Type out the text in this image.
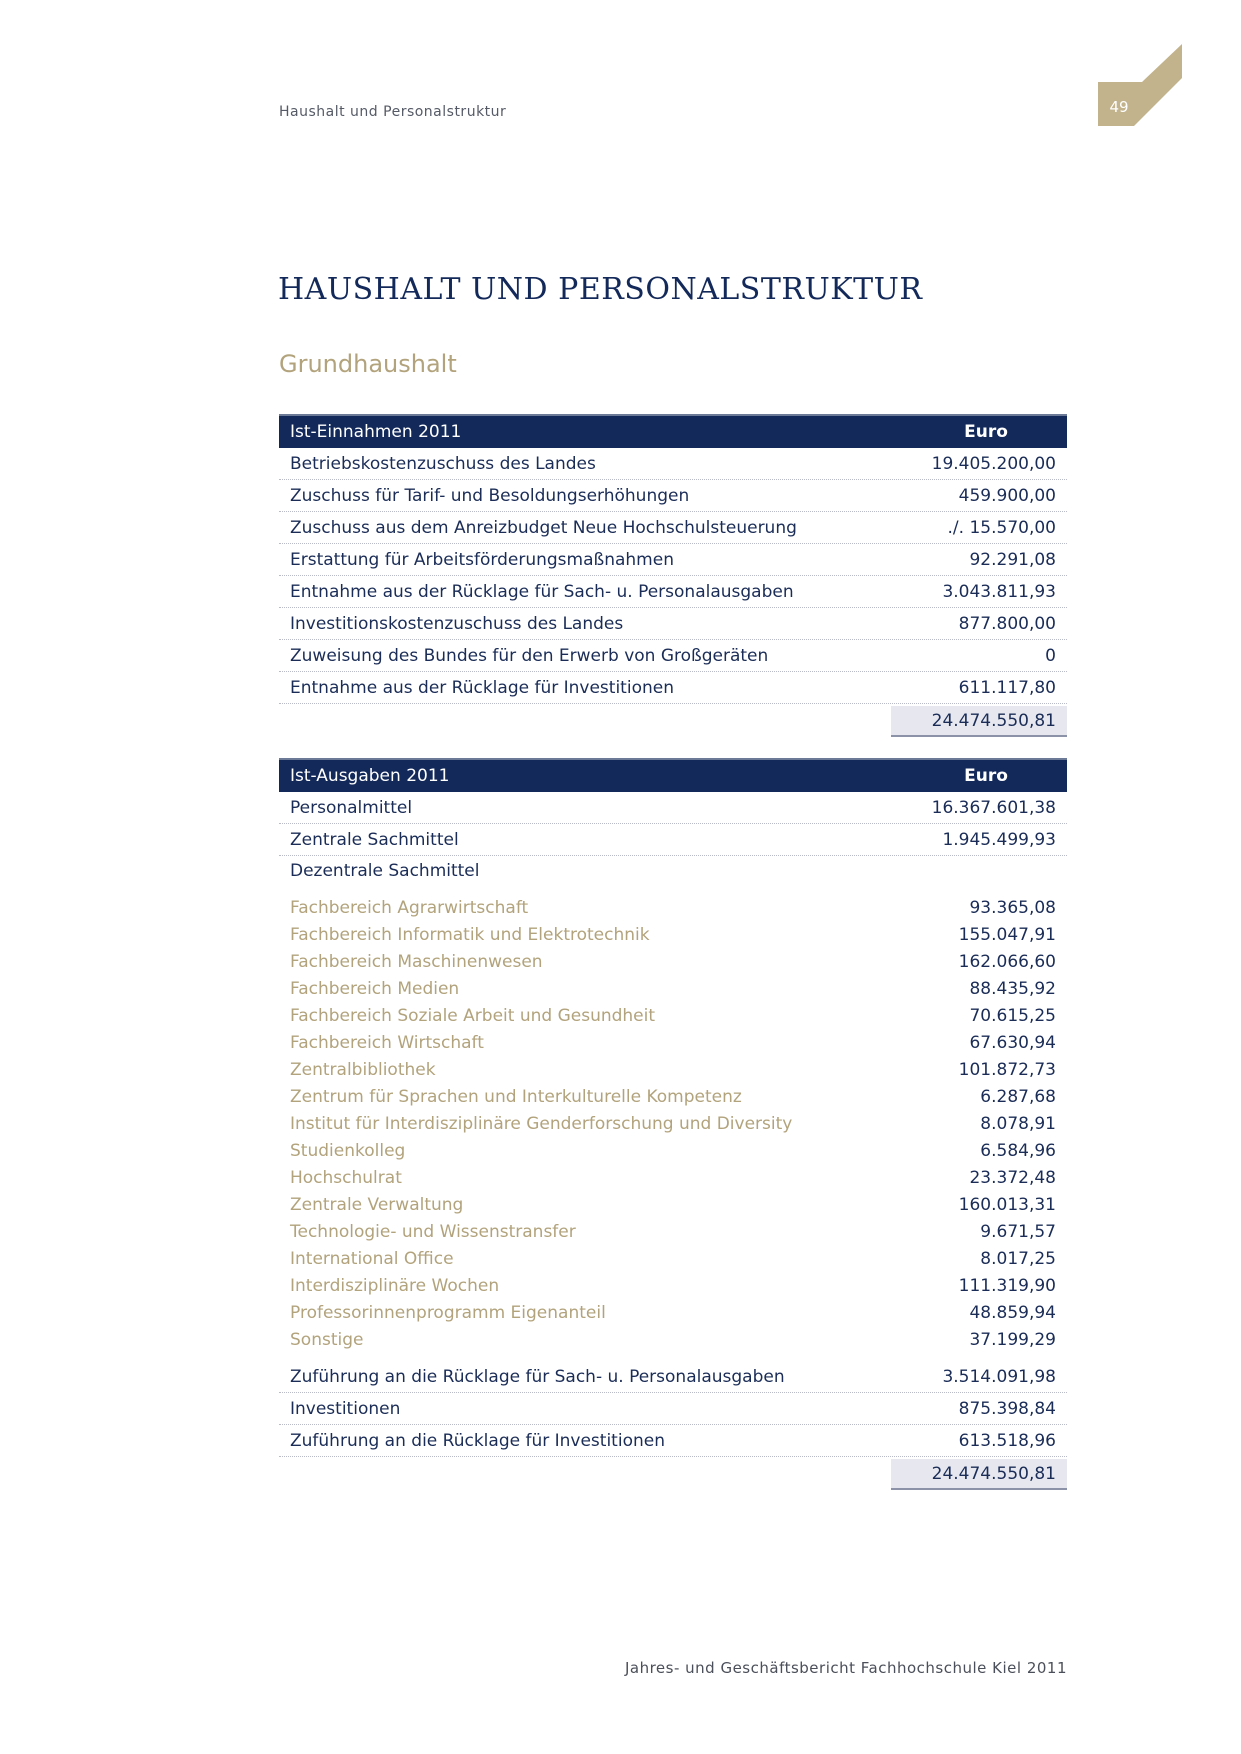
Haushalt und Personalstruktur	49
HAUSHALT UND PERSONALSTRUKTUR
Grundhaushalt
Ist-Einnahmen 2011	Euro
Betriebskostenzuschuss des Landes	19.405.200,00
Zuschuss für Tarif- und Besoldungserhöhungen	459.900,00
Zuschuss aus dem Anreizbudget Neue Hochschulsteuerung	./. 15.570,00
Erstattung für Arbeitsförderungsmaßnahmen	92.291,08
Entnahme aus der Rücklage für Sach- u. Personalausgaben	3.043.811,93
Investitionskostenzuschuss des Landes	877.800,00
Zuweisung des Bundes für den Erwerb von Großgeräten	0
Entnahme aus der Rücklage für Investitionen	611.117,80
24.474.550,81
Ist-Ausgaben 2011	Euro
Personalmittel	16.367.601,38
Zentrale Sachmittel	1.945.499,93
Dezentrale Sachmittel
Fachbereich Agrarwirtschaft	93.365,08
Fachbereich Informatik und Elektrotechnik	155.047,91
Fachbereich Maschinenwesen	162.066,60
Fachbereich Medien	88.435,92
Fachbereich Soziale Arbeit und Gesundheit	70.615,25
Fachbereich Wirtschaft	67.630,94
Zentralbibliothek	101.872,73
Zentrum für Sprachen und Interkulturelle Kompetenz	6.287,68
Institut für Interdisziplinäre Genderforschung und Diversity	8.078,91
Studienkolleg	6.584,96
Hochschulrat	23.372,48
Zentrale Verwaltung	160.013,31
Technologie- und Wissenstransfer	9.671,57
International Office	8.017,25
Interdisziplinäre Wochen	111.319,90
Professorinnenprogramm Eigenanteil	48.859,94
Sonstige	37.199,29
Zuführung an die Rücklage für Sach- u. Personalausgaben	3.514.091,98
Investitionen	875.398,84
Zuführung an die Rücklage für Investitionen	613.518,96
24.474.550,81
Jahres- und Geschäftsbericht Fachhochschule Kiel 2011
